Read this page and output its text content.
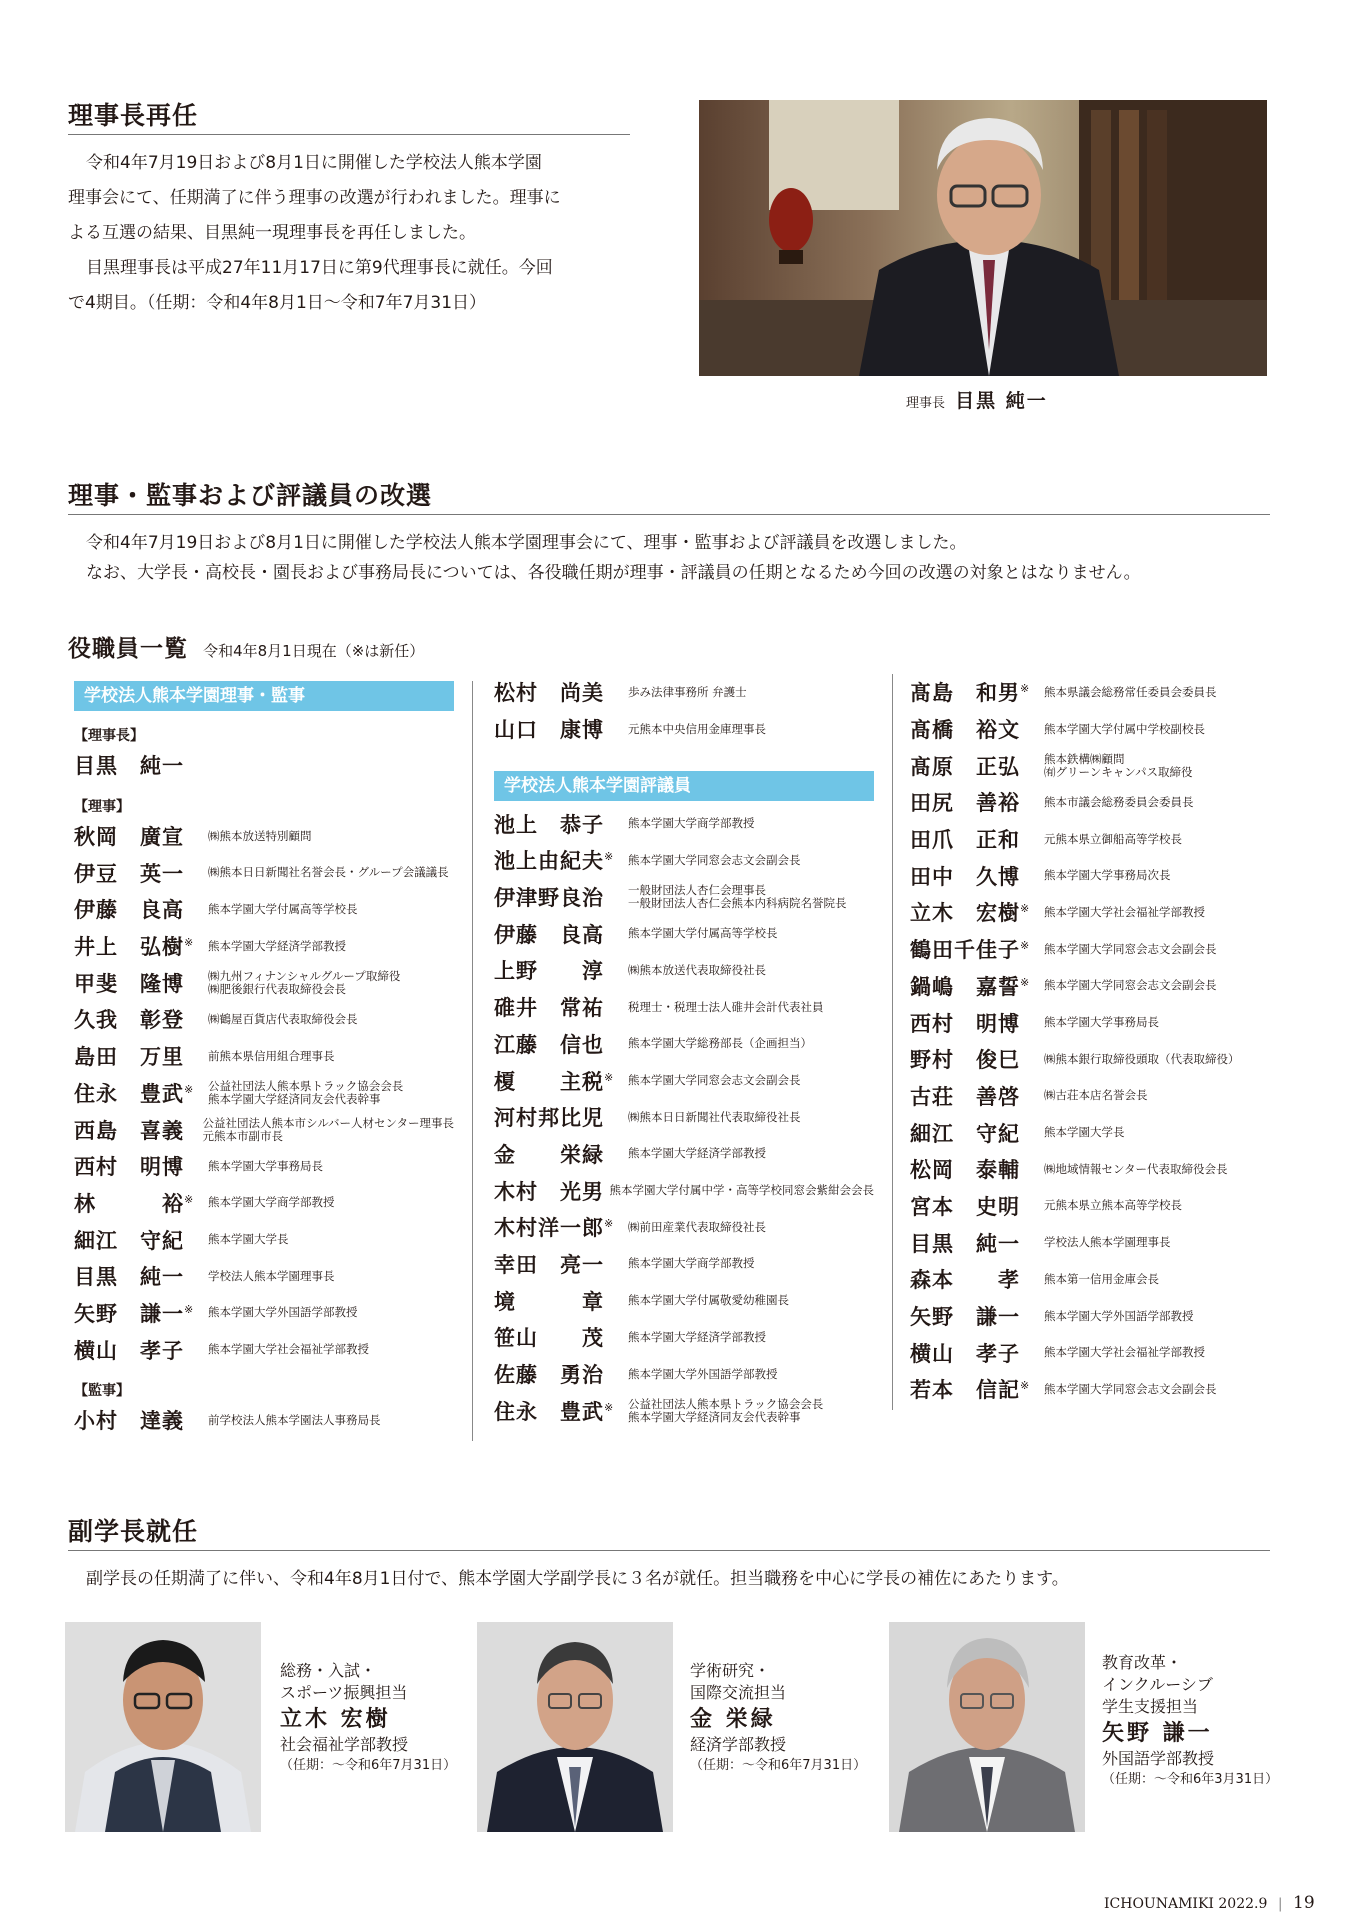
理事長再任
令和4年7月19日および8月1日に開催した学校法人熊本学園
理事会にて、任期満了に伴う理事の改選が行われました。理事に
よる互選の結果、目黒純一現理事長を再任しました。
目黒理事長は平成27年11月17日に第9代理事長に就任。今回
で4期目。（任期：令和4年8月1日〜令和7年7月31日）
理事長 目黒 純一
理事・監事および評議員の改選
令和4年7月19日および8月1日に開催した学校法人熊本学園理事会にて、理事・監事および評議員を改選しました。
なお、大学長・高校長・園長および事務局長については、各役職任期が理事・評議員の任期となるため今回の改選の対象とはなりません。
役職員一覧 令和4年8月1日現在（※は新任）
学校法人熊本学園理事・監事
【理事長】
目黒　純一
【理事】
秋岡　廣宣	㈱熊本放送特別顧問
伊豆　英一	㈱熊本日日新聞社名誉会長・グループ会議議長
伊藤　良高	熊本学園大学付属高等学校長
井上　弘樹※	熊本学園大学経済学部教授
甲斐　隆博	㈱九州フィナンシャルグループ取締役
㈱肥後銀行代表取締役会長
久我　彰登	㈱鶴屋百貨店代表取締役会長
島田　万里	前熊本県信用組合理事長
住永　豊武※	公益社団法人熊本県トラック協会会長
熊本学園大学経済同友会代表幹事
西島　喜義	公益社団法人熊本市シルバー人材センター理事長
元熊本市副市長
西村　明博	熊本学園大学事務局長
林　　　裕※	熊本学園大学商学部教授
細江　守紀	熊本学園大学長
目黒　純一	学校法人熊本学園理事長
矢野　謙一※	熊本学園大学外国語学部教授
横山　孝子	熊本学園大学社会福祉学部教授
【監事】
小村　達義	前学校法人熊本学園法人事務局長
松村　尚美	歩み法律事務所 弁護士
山口　康博	元熊本中央信用金庫理事長
学校法人熊本学園評議員
池上　恭子	熊本学園大学商学部教授
池上由紀夫※	熊本学園大学同窓会志文会副会長
伊津野良治	一般財団法人杏仁会理事長
一般財団法人杏仁会熊本内科病院名誉院長
伊藤　良高	熊本学園大学付属高等学校長
上野　　淳	㈱熊本放送代表取締役社長
碓井　常祐	税理士・税理士法人碓井会計代表社員
江藤　信也	熊本学園大学総務部長（企画担当）
榎　　主税※	熊本学園大学同窓会志文会副会長
河村邦比児	㈱熊本日日新聞社代表取締役社長
金　　栄緑	熊本学園大学経済学部教授
木村　光男 熊本学園大学付属中学・高等学校同窓会紫紺会会長
木村洋一郎※	㈱前田産業代表取締役社長
幸田　亮一	熊本学園大学商学部教授
境　　　章	熊本学園大学付属敬愛幼稚園長
笹山　　茂	熊本学園大学経済学部教授
佐藤　勇治	熊本学園大学外国語学部教授
住永　豊武※	公益社団法人熊本県トラック協会会長
熊本学園大学経済同友会代表幹事
髙島　和男※	熊本県議会総務常任委員会委員長
髙橋　裕文	熊本学園大学付属中学校副校長
髙原　正弘	熊本鉄構㈱顧問
㈲グリーンキャンパス取締役
田尻　善裕	熊本市議会総務委員会委員長
田爪　正和	元熊本県立御船高等学校長
田中　久博	熊本学園大学事務局次長
立木　宏樹※	熊本学園大学社会福祉学部教授
鶴田千佳子※	熊本学園大学同窓会志文会副会長
鍋嶋　嘉誓※	熊本学園大学同窓会志文会副会長
西村　明博	熊本学園大学事務局長
野村　俊巳	㈱熊本銀行取締役頭取（代表取締役）
古荘　善啓	㈱古荘本店名誉会長
細江　守紀	熊本学園大学長
松岡　泰輔	㈱地域情報センター代表取締役会長
宮本　史明	元熊本県立熊本高等学校長
目黒　純一	学校法人熊本学園理事長
森本　　孝	熊本第一信用金庫会長
矢野　謙一	熊本学園大学外国語学部教授
横山　孝子	熊本学園大学社会福祉学部教授
若本　信記※	熊本学園大学同窓会志文会副会長
副学長就任
副学長の任期満了に伴い、令和4年8月1日付で、熊本学園大学副学長に３名が就任。担当職務を中心に学長の補佐にあたります。
総務・入試・
スポーツ振興担当
立木 宏樹
社会福祉学部教授
（任期：〜令和6年7月31日）
学術研究・
国際交流担当
金 栄緑
経済学部教授
（任期：〜令和6年7月31日）
教育改革・
インクルーシブ
学生支援担当
矢野 謙一
外国語学部教授
（任期：〜令和6年3月31日）
ICHOUNAMIKI 2022.9 | 19
